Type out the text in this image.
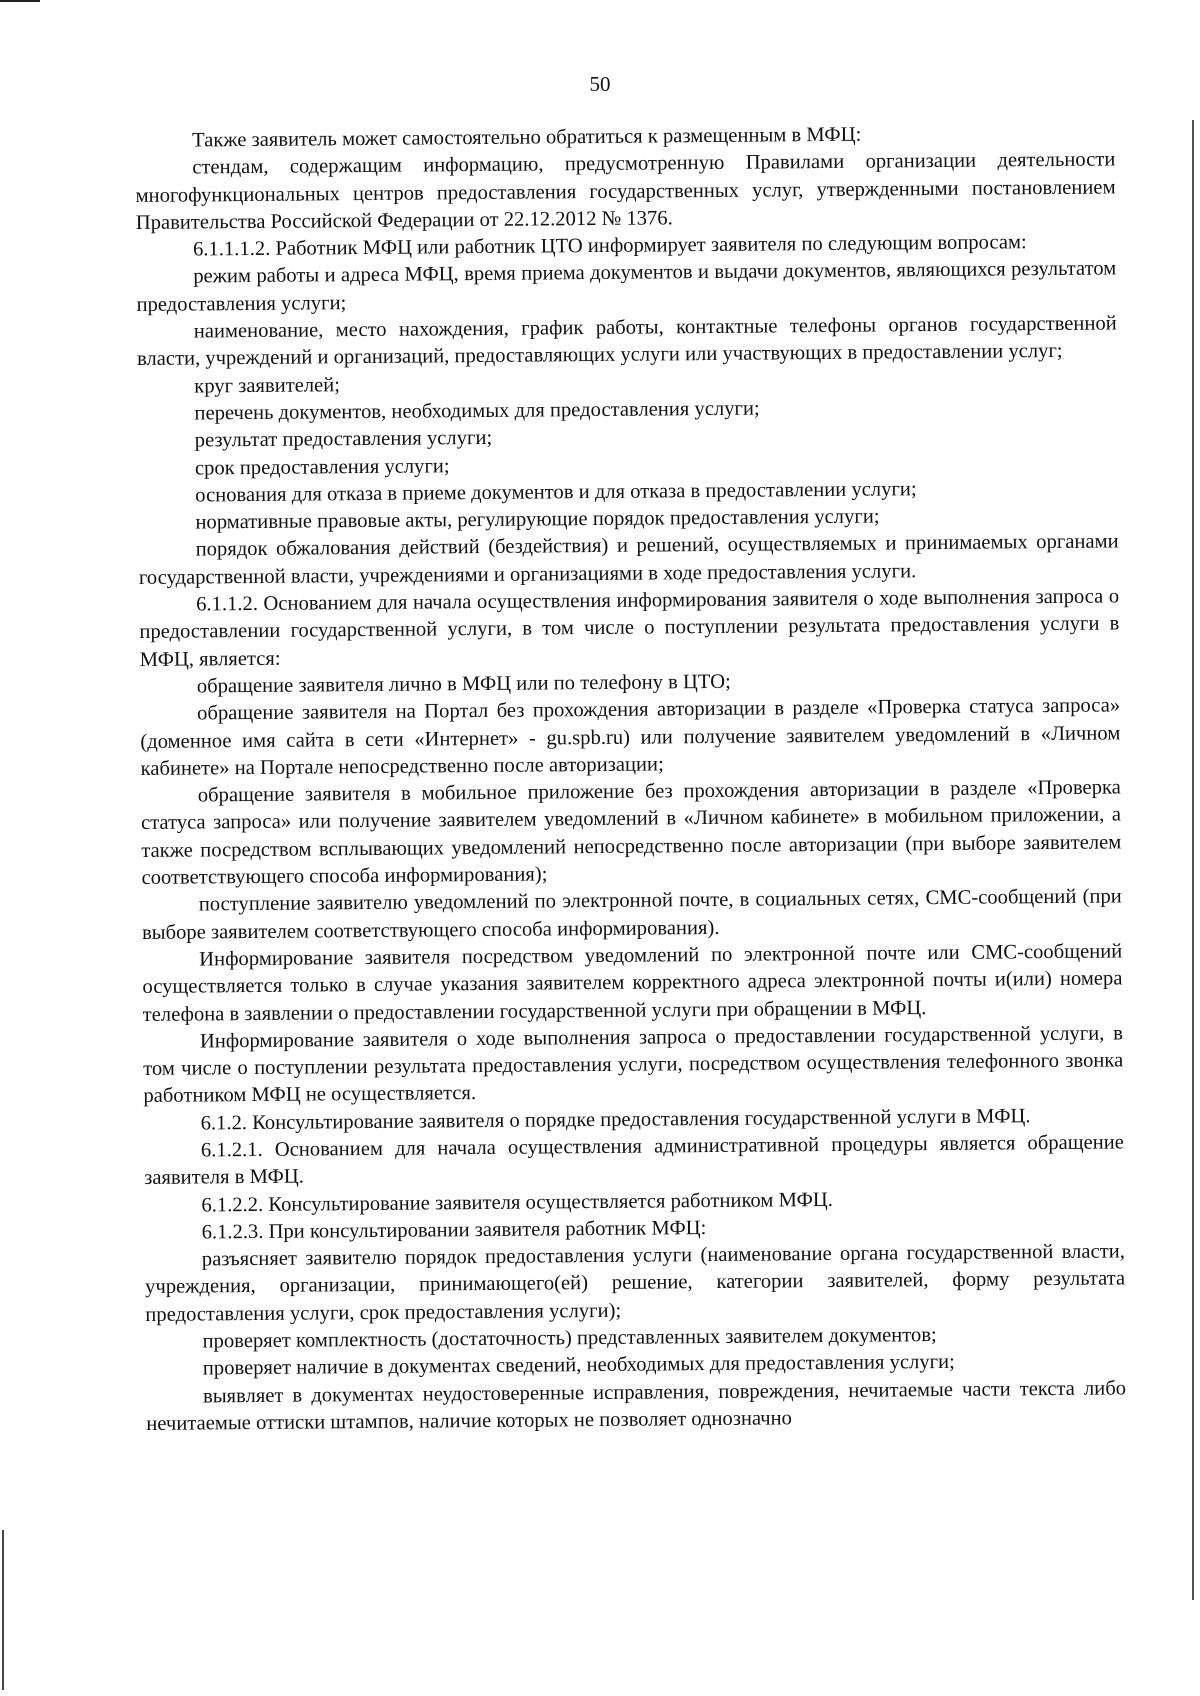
50

Также заявитель может самостоятельно обратиться к размещенным в МФЦ:

стендам, содержащим информацию, предусмотренную Правилами организации деятельности многофункциональных центров предоставления государственных услуг, утвержденными постановлением Правительства Российской Федерации от 22.12.2012 № 1376.

6.1.1.1.2. Работник МФЦ или работник ЦТО информирует заявителя по следующим вопросам:

режим работы и адреса МФЦ, время приема документов и выдачи документов, являющихся результатом предоставления услуги;

наименование, место нахождения, график работы, контактные телефоны органов государственной власти, учреждений и организаций, предоставляющих услуги или участвующих в предоставлении услуг;

круг заявителей;

перечень документов, необходимых для предоставления услуги;

результат предоставления услуги;

срок предоставления услуги;

основания для отказа в приеме документов и для отказа в предоставлении услуги;

нормативные правовые акты, регулирующие порядок предоставления услуги;

порядок обжалования действий (бездействия) и решений, осуществляемых и принимаемых органами государственной власти, учреждениями и организациями в ходе предоставления услуги.

6.1.1.2. Основанием для начала осуществления информирования заявителя о ходе выполнения запроса о предоставлении государственной услуги, в том числе о поступлении результата предоставления услуги в МФЦ, является:

обращение заявителя лично в МФЦ или по телефону в ЦТО;

обращение заявителя на Портал без прохождения авторизации в разделе «Проверка статуса запроса» (доменное имя сайта в сети «Интернет» - gu.spb.ru) или получение заявителем уведомлений в «Личном кабинете» на Портале непосредственно после авторизации;

обращение заявителя в мобильное приложение без прохождения авторизации в разделе «Проверка статуса запроса» или получение заявителем уведомлений в «Личном кабинете» в мобильном приложении, а также посредством всплывающих уведомлений непосредственно после авторизации (при выборе заявителем соответствующего способа информирования);

поступление заявителю уведомлений по электронной почте, в социальных сетях, СМС-сообщений (при выборе заявителем соответствующего способа информирования).

Информирование заявителя посредством уведомлений по электронной почте или СМС-сообщений осуществляется только в случае указания заявителем корректного адреса электронной почты и(или) номера телефона в заявлении о предоставлении государственной услуги при обращении в МФЦ.

Информирование заявителя о ходе выполнения запроса о предоставлении государственной услуги, в том числе о поступлении результата предоставления услуги, посредством осуществления телефонного звонка работником МФЦ не осуществляется.

6.1.2. Консультирование заявителя о порядке предоставления государственной услуги в МФЦ.

6.1.2.1. Основанием для начала осуществления административной процедуры является обращение заявителя в МФЦ.

6.1.2.2. Консультирование заявителя осуществляется работником МФЦ.

6.1.2.3. При консультировании заявителя работник МФЦ:

разъясняет заявителю порядок предоставления услуги (наименование органа государственной власти, учреждения, организации, принимающего(ей) решение, категории заявителей, форму результата предоставления услуги, срок предоставления услуги);

проверяет комплектность (достаточность) представленных заявителем документов;

проверяет наличие в документах сведений, необходимых для предоставления услуги;

выявляет в документах неудостоверенные исправления, повреждения, нечитаемые части текста либо нечитаемые оттиски штампов, наличие которых не позволяет однозначно
